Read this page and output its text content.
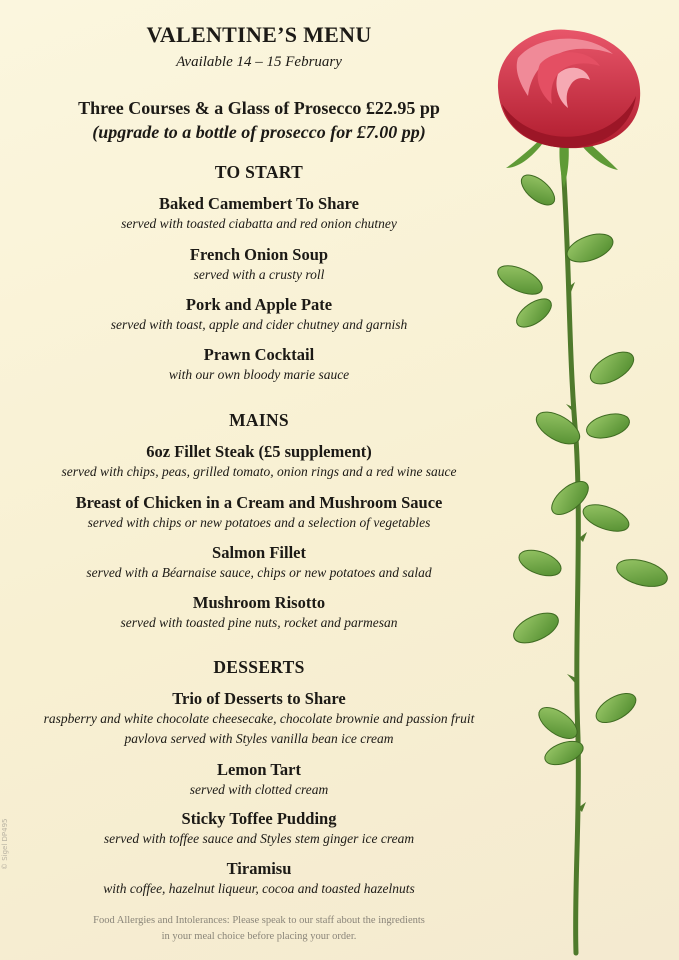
VALENTINE’S MENU

Available 14 – 15 February

Three Courses & a Glass of Prosecco £22.95 pp

(upgrade to a bottle of prosecco for £7.00 pp)

TO START

Baked Camembert To Share

served with toasted ciabatta and red onion chutney

French Onion Soup

served with a crusty roll

Pork and Apple Pate

served with toast, apple and cider chutney and garnish

Prawn Cocktail

with our own bloody marie sauce

MAINS

6oz Fillet Steak (£5 supplement)

served with chips, peas, grilled tomato, onion rings and a red wine sauce

Breast of Chicken in a Cream and Mushroom Sauce

served with chips or new potatoes and a selection of vegetables

Salmon Fillet

served with a Béarnaise sauce, chips or new potatoes and salad

Mushroom Risotto

served with toasted pine nuts, rocket and parmesan

DESSERTS

Trio of Desserts to Share

raspberry and white chocolate cheesecake, chocolate brownie and passion fruit

pavlova served with Styles vanilla bean ice cream

Lemon Tart

served with clotted cream

Sticky Toffee Pudding

served with toffee sauce and Styles stem ginger ice cream

Tiramisu

with coffee, hazelnut liqueur, cocoa and toasted hazelnuts

Food Allergies and Intolerances: Please speak to our staff about the ingredients
in your meal choice before placing your order.
© Sigel DP495
